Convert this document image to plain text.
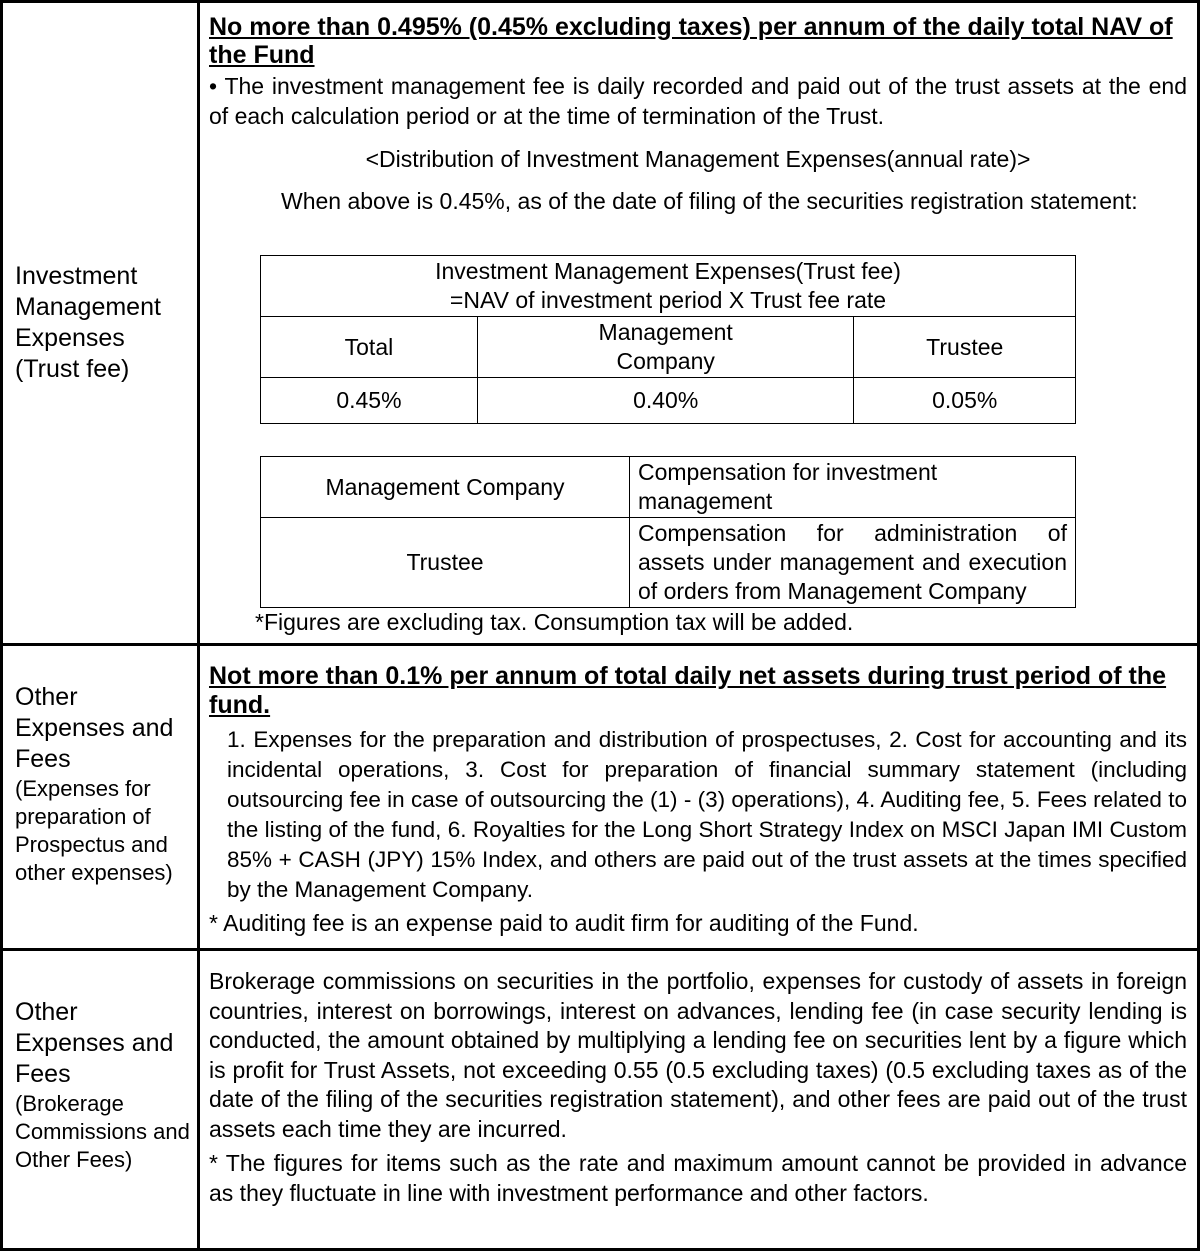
Investment Management Expenses (Trust fee)
No more than 0.495% (0.45% excluding taxes) per annum of the daily total NAV of the Fund
• The investment management fee is daily recorded and paid out of the trust assets at the end of each calculation period or at the time of termination of the Trust.
<Distribution of Investment Management Expenses(annual rate)>
When above is 0.45%, as of the date of filing of the securities registration statement:
Investment Management Expenses(Trust fee)
=NAV of investment period X Trust fee rate		

Total	Management Company	Trustee
0.45%	0.40%	0.05%
Management Company	Compensation for investment management
Trustee	Compensation for administration of assets under management and execution of orders from Management Company
*Figures are excluding tax. Consumption tax will be added.
Other Expenses and Fees
(Expenses for preparation of Prospectus and other expenses)
Not more than 0.1% per annum of total daily net assets during trust period of the fund.
1. Expenses for the preparation and distribution of prospectuses, 2. Cost for accounting and its incidental operations, 3. Cost for preparation of financial summary statement (including outsourcing fee in case of outsourcing the (1) - (3) operations), 4. Auditing fee, 5. Fees related to the listing of the fund, 6. Royalties for the Long Short Strategy Index on MSCI Japan IMI Custom 85% + CASH (JPY) 15% Index, and others are paid out of the trust assets at the times specified by the Management Company.
* Auditing fee is an expense paid to audit firm for auditing of the Fund.
Other Expenses and Fees
(Brokerage Commissions and Other Fees)
Brokerage commissions on securities in the portfolio, expenses for custody of assets in foreign countries, interest on borrowings, interest on advances, lending fee (in case security lending is conducted, the amount obtained by multiplying a lending fee on securities lent by a figure which is profit for Trust Assets, not exceeding 0.55 (0.5 excluding taxes) (0.5 excluding taxes as of the date of the filing of the securities registration statement), and other fees are paid out of the trust assets each time they are incurred.
* The figures for items such as the rate and maximum amount cannot be provided in advance as they fluctuate in line with investment performance and other factors.
